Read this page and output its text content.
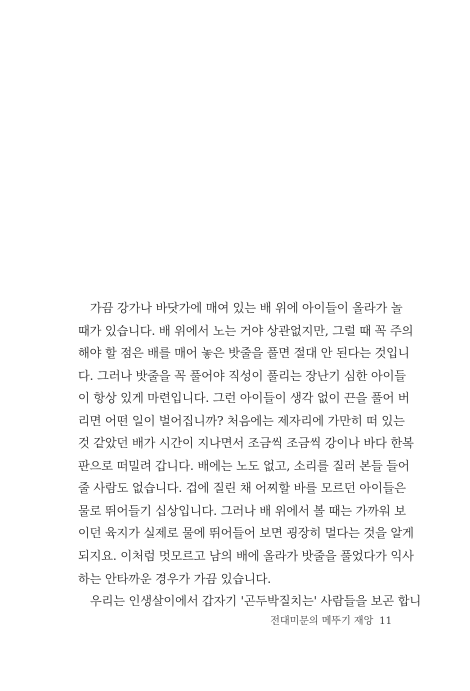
가끔 강가나 바닷가에 매여 있는 배 위에 아이들이 올라가 놀
때가 있습니다. 배 위에서 노는 거야 상관없지만, 그럴 때 꼭 주의
해야 할 점은 배를 매어 놓은 밧줄을 풀면 절대 안 된다는 것입니
다. 그러나 밧줄을 꼭 풀어야 직성이 풀리는 장난기 심한 아이들
이 항상 있게 마련입니다. 그런 아이들이 생각 없이 끈을 풀어 버
리면 어떤 일이 벌어집니까? 처음에는 제자리에 가만히 떠 있는
것 같았던 배가 시간이 지나면서 조금씩 조금씩 강이나 바다 한복
판으로 떠밀려 갑니다. 배에는 노도 없고, 소리를 질러 본들 들어
줄 사람도 없습니다. 겁에 질린 채 어찌할 바를 모르던 아이들은
물로 뛰어들기 십상입니다. 그러나 배 위에서 볼 때는 가까워 보
이던 육지가 실제로 물에 뛰어들어 보면 굉장히 멀다는 것을 알게
되지요. 이처럼 멋모르고 남의 배에 올라가 밧줄을 풀었다가 익사
하는 안타까운 경우가 가끔 있습니다.
우리는 인생살이에서 갑자기 '곤두박질치는' 사람들을 보곤 합니
전대미문의 메뚜기 재앙 11
